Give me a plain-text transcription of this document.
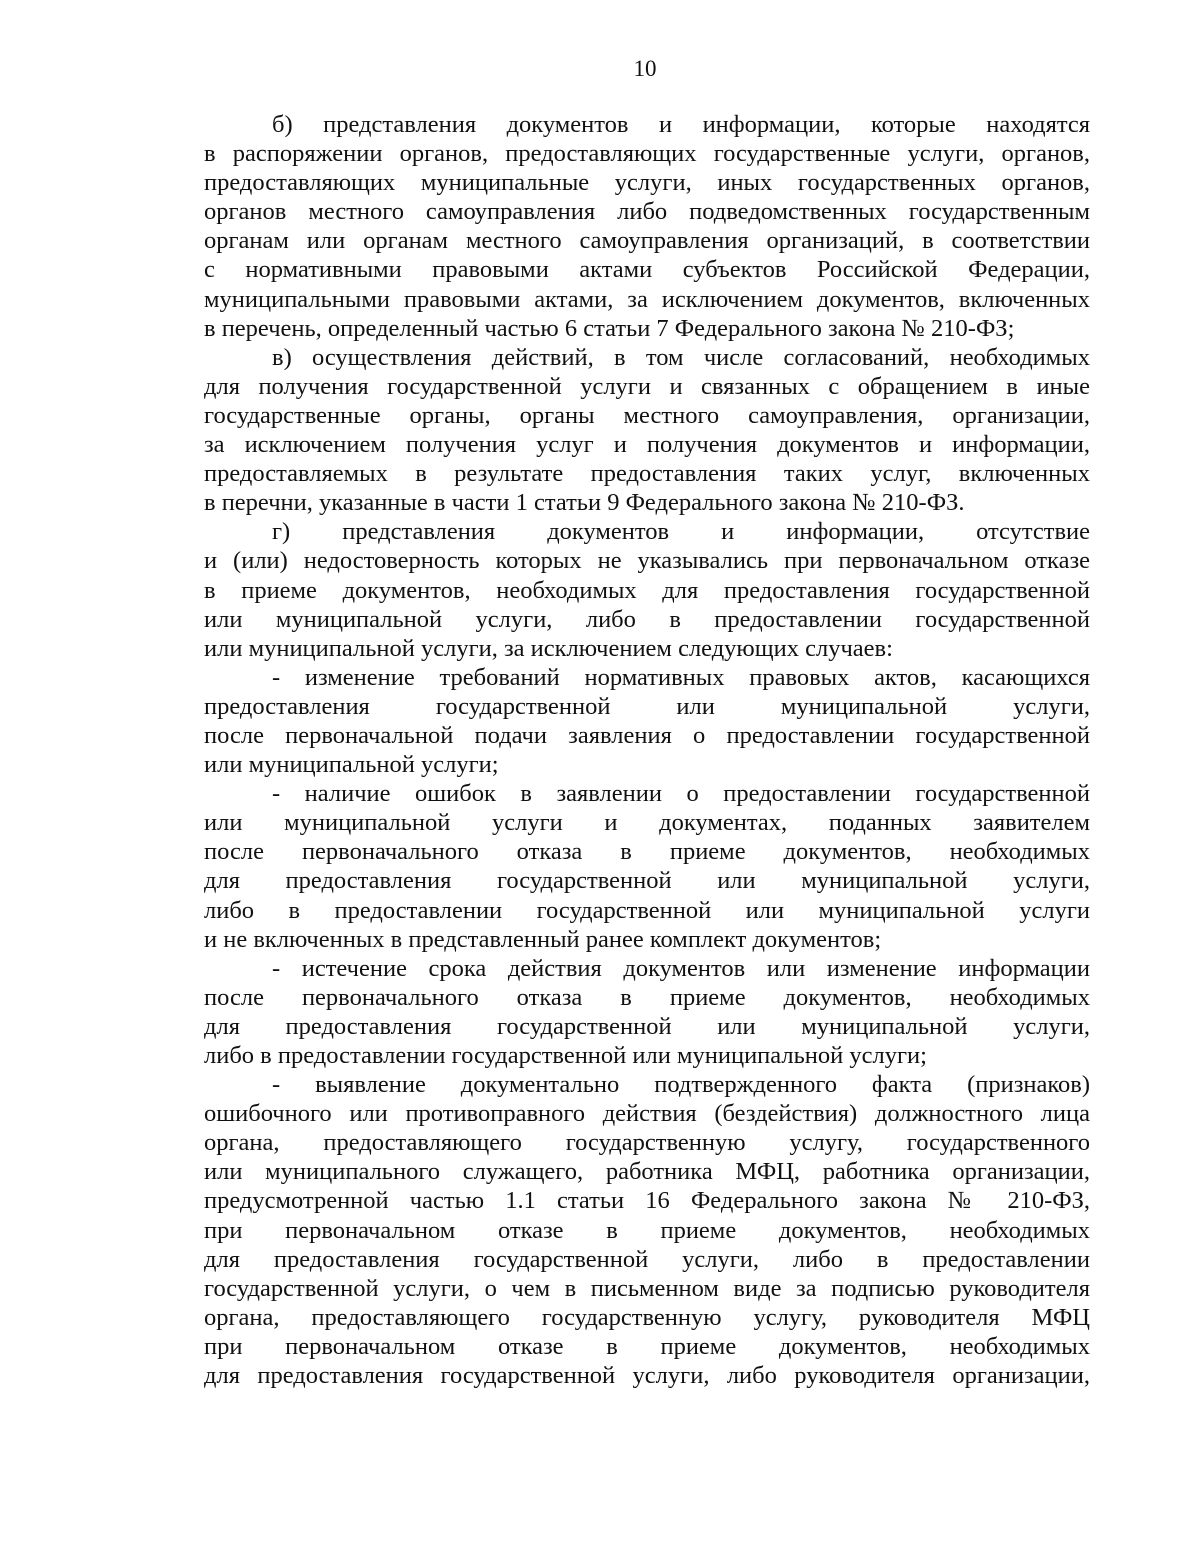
10
б) представления документов и информации, которые находятся
в распоряжении органов, предоставляющих государственные услуги, органов,
предоставляющих муниципальные услуги, иных государственных органов,
органов местного самоуправления либо подведомственных государственным
органам или органам местного самоуправления организаций, в соответствии
с нормативными правовыми актами субъектов Российской Федерации,
муниципальными правовыми актами, за исключением документов, включенных
в перечень, определенный частью 6 статьи 7 Федерального закона № 210-ФЗ;
в) осуществления действий, в том числе согласований, необходимых
для получения государственной услуги и связанных с обращением в иные
государственные органы, органы местного самоуправления, организации,
за исключением получения услуг и получения документов и информации,
предоставляемых в результате предоставления таких услуг, включенных
в перечни, указанные в части 1 статьи 9 Федерального закона № 210-ФЗ.
г) представления документов и информации, отсутствие
и (или) недостоверность которых не указывались при первоначальном отказе
в приеме документов, необходимых для предоставления государственной
или муниципальной услуги, либо в предоставлении государственной
или муниципальной услуги, за исключением следующих случаев:
- изменение требований нормативных правовых актов, касающихся
предоставления государственной или муниципальной услуги,
после первоначальной подачи заявления о предоставлении государственной
или муниципальной услуги;
- наличие ошибок в заявлении о предоставлении государственной
или муниципальной услуги и документах, поданных заявителем
после первоначального отказа в приеме документов, необходимых
для предоставления государственной или муниципальной услуги,
либо в предоставлении государственной или муниципальной услуги
и не включенных в представленный ранее комплект документов;
- истечение срока действия документов или изменение информации
после первоначального отказа в приеме документов, необходимых
для предоставления государственной или муниципальной услуги,
либо в предоставлении государственной или муниципальной услуги;
- выявление документально подтвержденного факта (признаков)
ошибочного или противоправного действия (бездействия) должностного лица
органа, предоставляющего государственную услугу, государственного
или муниципального служащего, работника МФЦ, работника организации,
предусмотренной частью 1.1 статьи 16 Федерального закона № 210-ФЗ,
при первоначальном отказе в приеме документов, необходимых
для предоставления государственной услуги, либо в предоставлении
государственной услуги, о чем в письменном виде за подписью руководителя
органа, предоставляющего государственную услугу, руководителя МФЦ
при первоначальном отказе в приеме документов, необходимых
для предоставления государственной услуги, либо руководителя организации,
